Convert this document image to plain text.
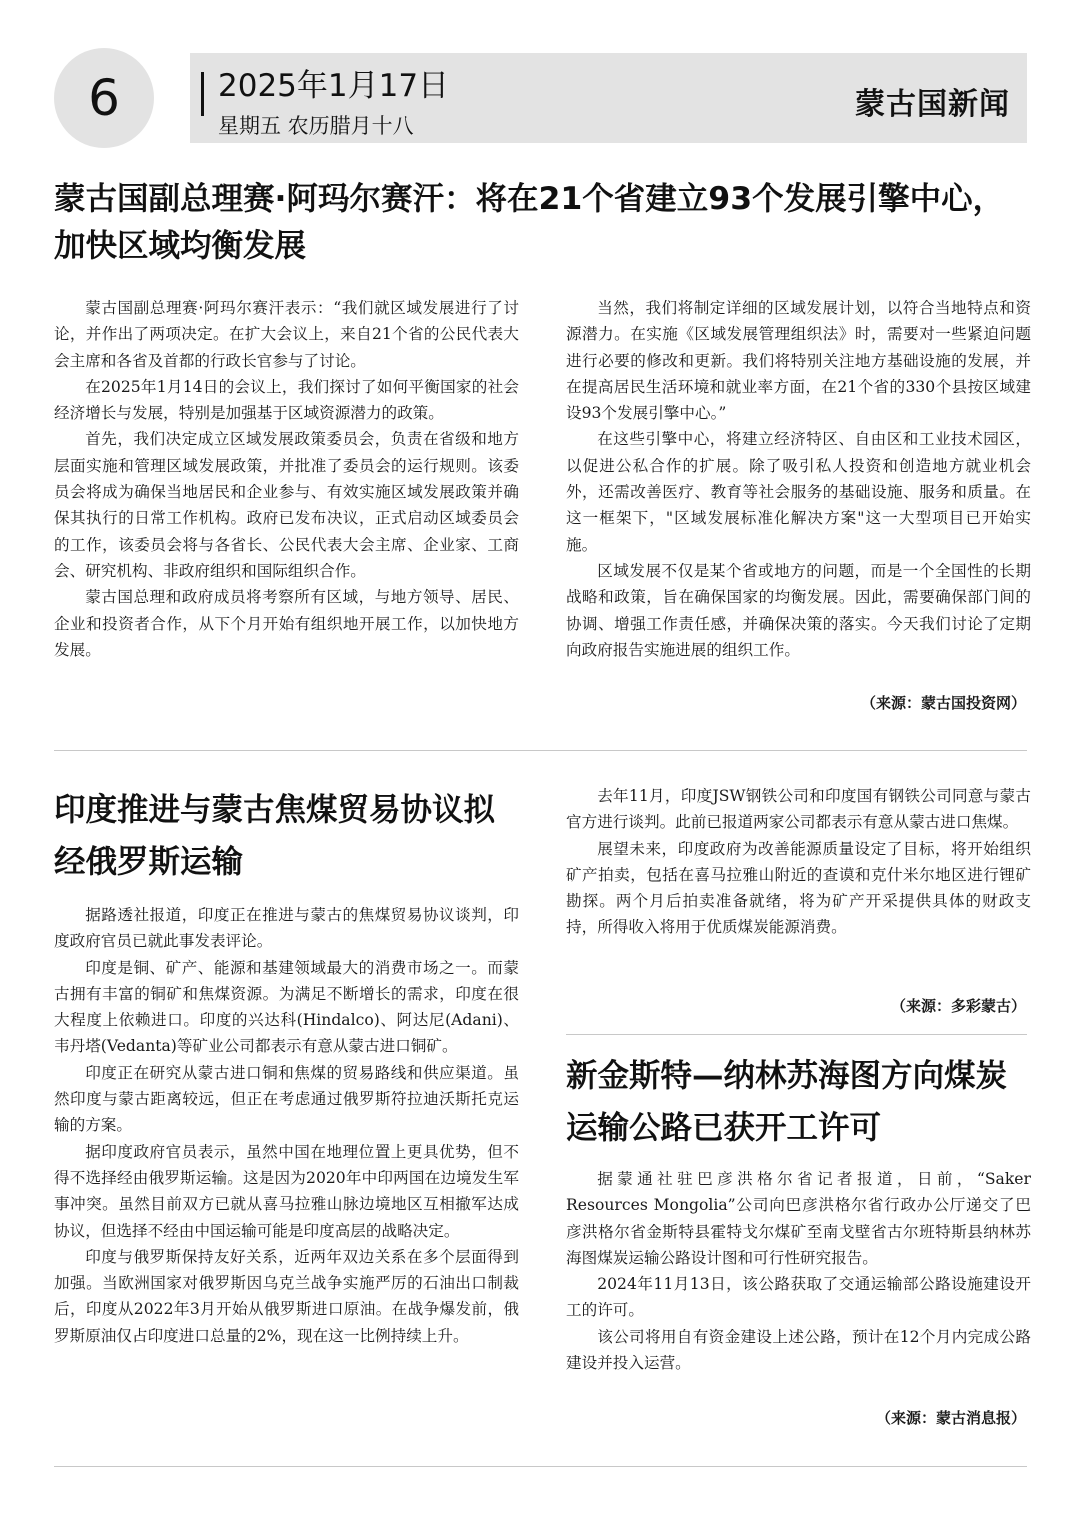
6	2025年1月17日
星期五 农历腊月十八
蒙古国新闻
蒙古国副总理赛·阿玛尔赛汗：将在21个省建立93个发展引擎中心，加快区域均衡发展

蒙古国副总理赛·阿玛尔赛汗表示：“我们就区域发展进行了讨论，并作出了两项决定。在扩大会议上，来自21个省的公民代表大会主席和各省及首都的行政长官参与了讨论。

在2025年1月14日的会议上，我们探讨了如何平衡国家的社会经济增长与发展，特别是加强基于区域资源潜力的政策。

首先，我们决定成立区域发展政策委员会，负责在省级和地方层面实施和管理区域发展政策，并批准了委员会的运行规则。该委员会将成为确保当地居民和企业参与、有效实施区域发展政策并确保其执行的日常工作机构。政府已发布决议，正式启动区域委员会的工作，该委员会将与各省长、公民代表大会主席、企业家、工商会、研究机构、非政府组织和国际组织合作。

蒙古国总理和政府成员将考察所有区域，与地方领导、居民、企业和投资者合作，从下个月开始有组织地开展工作，以加快地方发展。

当然，我们将制定详细的区域发展计划，以符合当地特点和资源潜力。在实施《区域发展管理组织法》时，需要对一些紧迫问题进行必要的修改和更新。我们将特别关注地方基础设施的发展，并在提高居民生活环境和就业率方面，在21个省的330个县按区域建设93个发展引擎中心。”

在这些引擎中心，将建立经济特区、自由区和工业技术园区，以促进公私合作的扩展。除了吸引私人投资和创造地方就业机会外，还需改善医疗、教育等社会服务的基础设施、服务和质量。在这一框架下，"区域发展标准化解决方案"这一大型项目已开始实施。

区域发展不仅是某个省或地方的问题，而是一个全国性的长期战略和政策，旨在确保国家的均衡发展。因此，需要确保部门间的协调、增强工作责任感，并确保决策的落实。今天我们讨论了定期向政府报告实施进展的组织工作。

（来源：蒙古国投资网）
印度推进与蒙古焦煤贸易协议拟经俄罗斯运输

据路透社报道，印度正在推进与蒙古的焦煤贸易协议谈判，印度政府官员已就此事发表评论。

印度是铜、矿产、能源和基建领域最大的消费市场之一。而蒙古拥有丰富的铜矿和焦煤资源。为满足不断增长的需求，印度在很大程度上依赖进口。印度的兴达科(Hindalco)、阿达尼(Adani)、韦丹塔(Vedanta)等矿业公司都表示有意从蒙古进口铜矿。

印度正在研究从蒙古进口铜和焦煤的贸易路线和供应渠道。虽然印度与蒙古距离较远，但正在考虑通过俄罗斯符拉迪沃斯托克运输的方案。

据印度政府官员表示，虽然中国在地理位置上更具优势，但不得不选择经由俄罗斯运输。这是因为2020年中印两国在边境发生军事冲突。虽然目前双方已就从喜马拉雅山脉边境地区互相撤军达成协议，但选择不经由中国运输可能是印度高层的战略决定。

印度与俄罗斯保持友好关系，近两年双边关系在多个层面得到加强。当欧洲国家对俄罗斯因乌克兰战争实施严厉的石油出口制裁后，印度从2022年3月开始从俄罗斯进口原油。在战争爆发前，俄罗斯原油仅占印度进口总量的2%，现在这一比例持续上升。

去年11月，印度JSW钢铁公司和印度国有钢铁公司同意与蒙古官方进行谈判。此前已报道两家公司都表示有意从蒙古进口焦煤。

展望未来，印度政府为改善能源质量设定了目标，将开始组织矿产拍卖，包括在喜马拉雅山附近的查谟和克什米尔地区进行锂矿勘探。两个月后拍卖准备就绪，将为矿产开采提供具体的财政支持，所得收入将用于优质煤炭能源消费。

（来源：多彩蒙古）
新金斯特—纳林苏海图方向煤炭运输公路已获开工许可

据蒙通社驻巴彦洪格尔省记者报道，日前，“Saker Resources Mongolia”公司向巴彦洪格尔省行政办公厅递交了巴彦洪格尔省金斯特县霍特戈尔煤矿至南戈壁省古尔班特斯县纳林苏海图煤炭运输公路设计图和可行性研究报告。

2024年11月13日，该公路获取了交通运输部公路设施建设开工的许可。

该公司将用自有资金建设上述公路，预计在12个月内完成公路建设并投入运营。

（来源：蒙古消息报）
